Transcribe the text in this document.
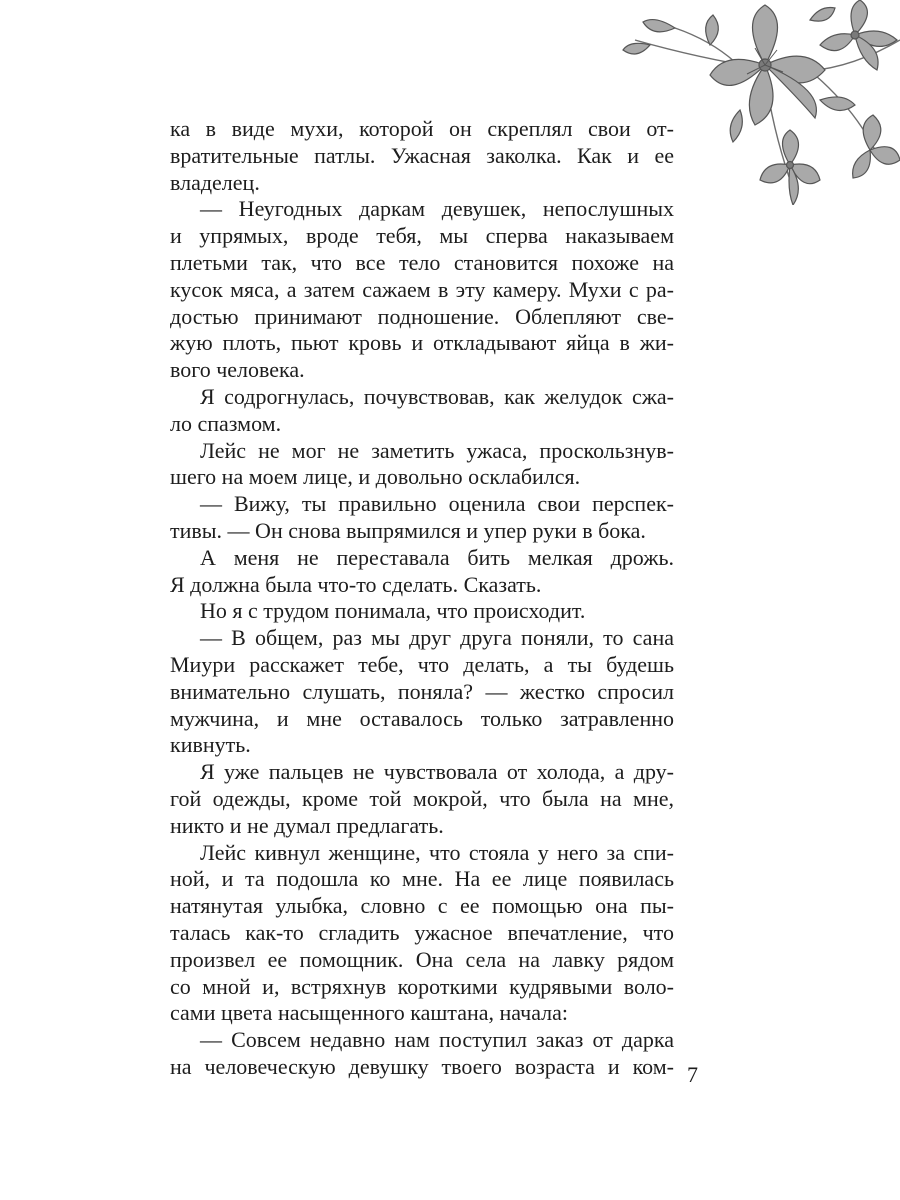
ка в виде мухи, которой он скреплял свои от-
вратительные патлы. Ужасная заколка. Как и ее
владелец.
— Неугодных даркам девушек, непослушных
и упрямых, вроде тебя, мы сперва наказываем
плетьми так, что все тело становится похоже на
кусок мяса, а затем сажаем в эту камеру. Мухи с ра-
достью принимают подношение. Облепляют све-
жую плоть, пьют кровь и откладывают яйца в жи-
вого человека.
Я содрогнулась, почувствовав, как желудок сжа-
ло спазмом.
Лейс не мог не заметить ужаса, проскользнув-
шего на моем лице, и довольно осклабился.
— Вижу, ты правильно оценила свои перспек-
тивы. — Он снова выпрямился и упер руки в бока.
А меня не переставала бить мелкая дрожь.
Я должна была что-то сделать. Сказать.
Но я с трудом понимала, что происходит.
— В общем, раз мы друг друга поняли, то сана
Миури расскажет тебе, что делать, а ты будешь
внимательно слушать, поняла? — жестко спросил
мужчина, и мне оставалось только затравленно
кивнуть.
Я уже пальцев не чувствовала от холода, а дру-
гой одежды, кроме той мокрой, что была на мне,
никто и не думал предлагать.
Лейс кивнул женщине, что стояла у него за спи-
ной, и та подошла ко мне. На ее лице появилась
натянутая улыбка, словно с ее помощью она пы-
талась как-то сгладить ужасное впечатление, что
произвел ее помощник. Она села на лавку рядом
со мной и, встряхнув короткими кудрявыми воло-
сами цвета насыщенного каштана, начала:
— Совсем недавно нам поступил заказ от дарка
на человеческую девушку твоего возраста и ком- 7
